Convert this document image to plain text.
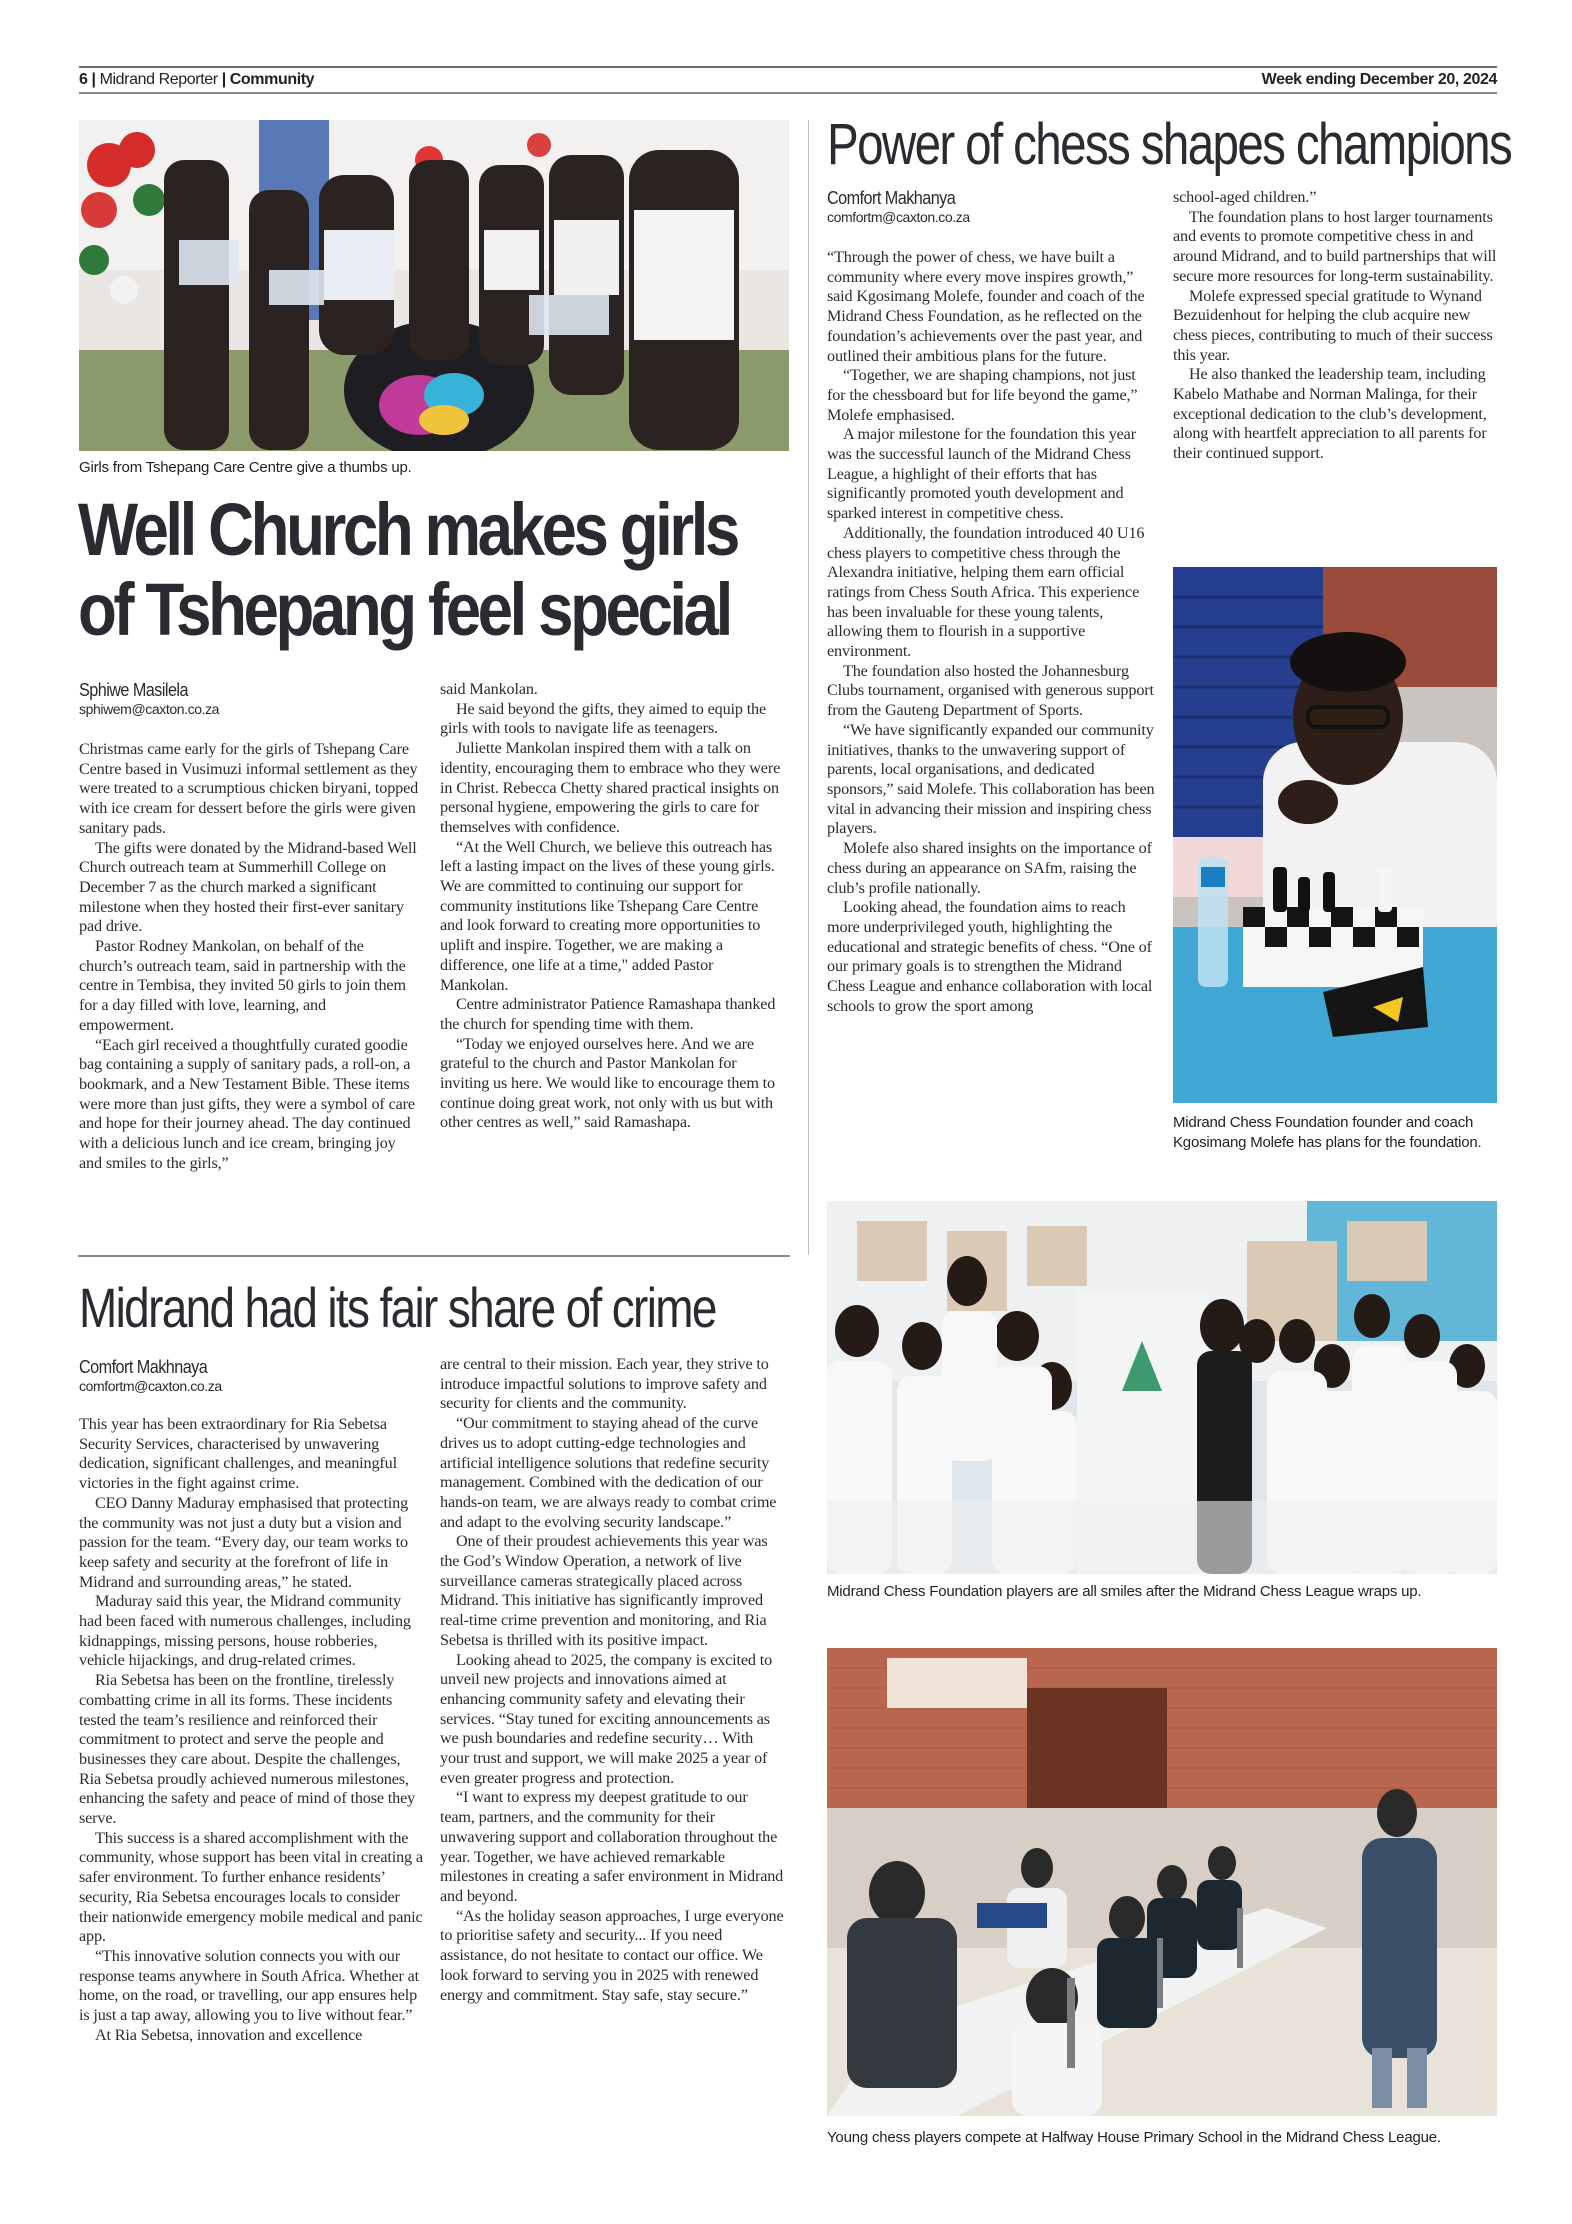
6 | Midrand Reporter | Community	Week ending December 20, 2024
Girls from Tshepang Care Centre give a thumbs up.
Well Church makes girls
of Tshepang feel special
Sphiwe Masilela
sphiwem@caxton.co.za

Christmas came early for the girls of Tshepang Care Centre based in Vusimuzi informal settlement as they were treated to a scrumptious chicken biryani, topped with ice cream for dessert before the girls were given sanitary pads.

The gifts were donated by the Midrand-based Well Church outreach team at Summerhill College on December 7 as the church marked a significant milestone when they hosted their first-ever sanitary pad drive.

Pastor Rodney Mankolan, on behalf of the church’s outreach team, said in partnership with the centre in Tembisa, they invited 50 girls to join them for a day filled with love, learning, and empowerment.

“Each girl received a thoughtfully curated goodie bag containing a supply of sanitary pads, a roll-on, a bookmark, and a New Testament Bible. These items were more than just gifts, they were a symbol of care and hope for their journey ahead. The day continued with a delicious lunch and ice cream, bringing joy and smiles to the girls,”

said Mankolan.

He said beyond the gifts, they aimed to equip the girls with tools to navigate life as teenagers.

Juliette Mankolan inspired them with a talk on identity, encouraging them to embrace who they were in Christ. Rebecca Chetty shared practical insights on personal hygiene, empowering the girls to care for themselves with confidence.

“At the Well Church, we believe this outreach has left a lasting impact on the lives of these young girls. We are committed to continuing our support for community institutions like Tshepang Care Centre and look forward to creating more opportunities to uplift and inspire. Together, we are making a difference, one life at a time," added Pastor Mankolan.

Centre administrator Patience Ramashapa thanked the church for spending time with them.

“Today we enjoyed ourselves here. And we are grateful to the church and Pastor Mankolan for inviting us here. We would like to encourage them to continue doing great work, not only with us but with other centres as well,” said Ramashapa.

Midrand had its fair share of crime
Comfort Makhnaya
comfortm@caxton.co.za

This year has been extraordinary for Ria Sebetsa Security Services, characterised by unwavering dedication, significant challenges, and meaningful victories in the fight against crime.

CEO Danny Maduray emphasised that protecting the community was not just a duty but a vision and passion for the team. “Every day, our team works to keep safety and security at the forefront of life in Midrand and surrounding areas,” he stated.

Maduray said this year, the Midrand community had been faced with numerous challenges, including kidnappings, missing persons, house robberies, vehicle hijackings, and drug-related crimes.

Ria Sebetsa has been on the frontline, tirelessly combatting crime in all its forms. These incidents tested the team’s resilience and reinforced their commitment to protect and serve the people and businesses they care about. Despite the challenges, Ria Sebetsa proudly achieved numerous milestones, enhancing the safety and peace of mind of those they serve.

This success is a shared accomplishment with the community, whose support has been vital in creating a safer environment. To further enhance residents’ security, Ria Sebetsa encourages locals to consider their nationwide emergency mobile medical and panic app.

“This innovative solution connects you with our response teams anywhere in South Africa. Whether at home, on the road, or travelling, our app ensures help is just a tap away, allowing you to live without fear.”

At Ria Sebetsa, innovation and excellence

are central to their mission. Each year, they strive to introduce impactful solutions to improve safety and security for clients and the community.

“Our commitment to staying ahead of the curve drives us to adopt cutting-edge technologies and artificial intelligence solutions that redefine security management. Combined with the dedication of our hands-on team, we are always ready to combat crime and adapt to the evolving security landscape.”

One of their proudest achievements this year was the God’s Window Operation, a network of live surveillance cameras strategically placed across Midrand. This initiative has significantly improved real-time crime prevention and monitoring, and Ria Sebetsa is thrilled with its positive impact.

Looking ahead to 2025, the company is excited to unveil new projects and innovations aimed at enhancing community safety and elevating their services. “Stay tuned for exciting announcements as we push boundaries and redefine security… With your trust and support, we will make 2025 a year of even greater progress and protection.

“I want to express my deepest gratitude to our team, partners, and the community for their unwavering support and collaboration throughout the year. Together, we have achieved remarkable milestones in creating a safer environment in Midrand and beyond.

“As the holiday season approaches, I urge everyone to prioritise safety and security... If you need assistance, do not hesitate to contact our office. We look forward to serving you in 2025 with renewed energy and commitment. Stay safe, stay secure.”

Power of chess shapes champions
Comfort Makhanya
comfortm@caxton.co.za

“Through the power of chess, we have built a community where every move inspires growth,” said Kgosimang Molefe, founder and coach of the Midrand Chess Foundation, as he reflected on the foundation’s achievements over the past year, and outlined their ambitious plans for the future.

“Together, we are shaping champions, not just for the chessboard but for life beyond the game,” Molefe emphasised.

A major milestone for the foundation this year was the successful launch of the Midrand Chess League, a highlight of their efforts that has significantly promoted youth development and sparked interest in competitive chess.

Additionally, the foundation introduced 40 U16 chess players to competitive chess through the Alexandra initiative, helping them earn official ratings from Chess South Africa. This experience has been invaluable for these young talents, allowing them to flourish in a supportive environment.

The foundation also hosted the Johannesburg Clubs tournament, organised with generous support from the Gauteng Department of Sports.

“We have significantly expanded our community initiatives, thanks to the unwavering support of parents, local organisations, and dedicated sponsors,” said Molefe. This collaboration has been vital in advancing their mission and inspiring chess players.

Molefe also shared insights on the importance of chess during an appearance on SAfm, raising the club’s profile nationally.

Looking ahead, the foundation aims to reach more underprivileged youth, highlighting the educational and strategic benefits of chess. “One of our primary goals is to strengthen the Midrand Chess League and enhance collaboration with local schools to grow the sport among

school-aged children.”

The foundation plans to host larger tournaments and events to promote competitive chess in and around Midrand, and to build partnerships that will secure more resources for long-term sustainability.

Molefe expressed special gratitude to Wynand Bezuidenhout for helping the club acquire new chess pieces, contributing to much of their success this year.

He also thanked the leadership team, including Kabelo Mathabe and Norman Malinga, for their exceptional dedication to the club’s development, along with heartfelt appreciation to all parents for their continued support.

Midrand Chess Foundation founder and coach Kgosimang Molefe has plans for the foundation.
Midrand Chess Foundation players are all smiles after the Midrand Chess League wraps up.
Young chess players compete at Halfway House Primary School in the Midrand Chess League.
